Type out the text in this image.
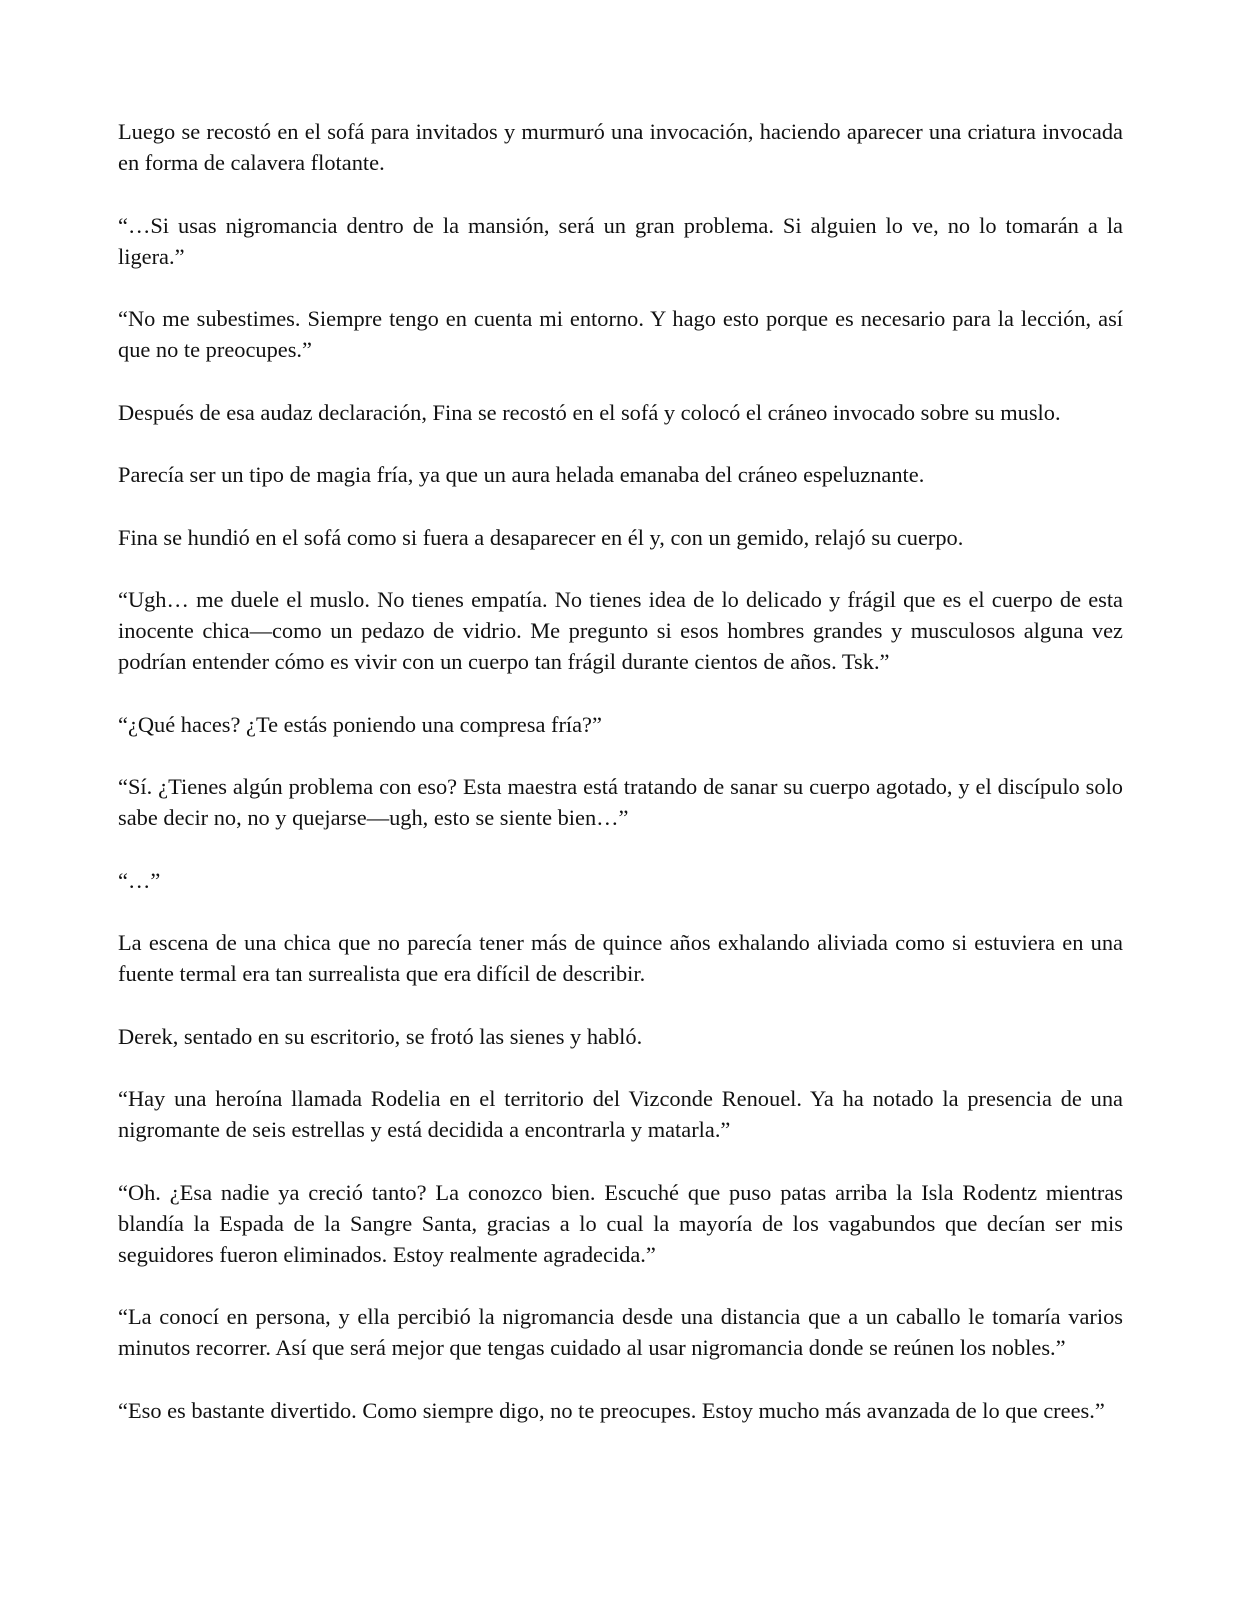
Luego se recostó en el sofá para invitados y murmuró una invocación, haciendo aparecer una criatura invocada en forma de calavera flotante.

“…Si usas nigromancia dentro de la mansión, será un gran problema. Si alguien lo ve, no lo tomarán a la ligera.”

“No me subestimes. Siempre tengo en cuenta mi entorno. Y hago esto porque es necesario para la lección, así que no te preocupes.”

Después de esa audaz declaración, Fina se recostó en el sofá y colocó el cráneo invocado sobre su muslo.

Parecía ser un tipo de magia fría, ya que un aura helada emanaba del cráneo espeluznante.

Fina se hundió en el sofá como si fuera a desaparecer en él y, con un gemido, relajó su cuerpo.

“Ugh… me duele el muslo. No tienes empatía. No tienes idea de lo delicado y frágil que es el cuerpo de esta inocente chica—como un pedazo de vidrio. Me pregunto si esos hombres grandes y musculosos alguna vez podrían entender cómo es vivir con un cuerpo tan frágil durante cientos de años. Tsk.”

“¿Qué haces? ¿Te estás poniendo una compresa fría?”

“Sí. ¿Tienes algún problema con eso? Esta maestra está tratando de sanar su cuerpo agotado, y el discípulo solo sabe decir no, no y quejarse—ugh, esto se siente bien…”

“…”

La escena de una chica que no parecía tener más de quince años exhalando aliviada como si estuviera en una fuente termal era tan surrealista que era difícil de describir.

Derek, sentado en su escritorio, se frotó las sienes y habló.

“Hay una heroína llamada Rodelia en el territorio del Vizconde Renouel. Ya ha notado la presencia de una nigromante de seis estrellas y está decidida a encontrarla y matarla.”

“Oh. ¿Esa nadie ya creció tanto? La conozco bien. Escuché que puso patas arriba la Isla Rodentz mientras blandía la Espada de la Sangre Santa, gracias a lo cual la mayoría de los vagabundos que decían ser mis seguidores fueron eliminados. Estoy realmente agradecida.”

“La conocí en persona, y ella percibió la nigromancia desde una distancia que a un caballo le tomaría varios minutos recorrer. Así que será mejor que tengas cuidado al usar nigromancia donde se reúnen los nobles.”

“Eso es bastante divertido. Como siempre digo, no te preocupes. Estoy mucho más avanzada de lo que crees.”
